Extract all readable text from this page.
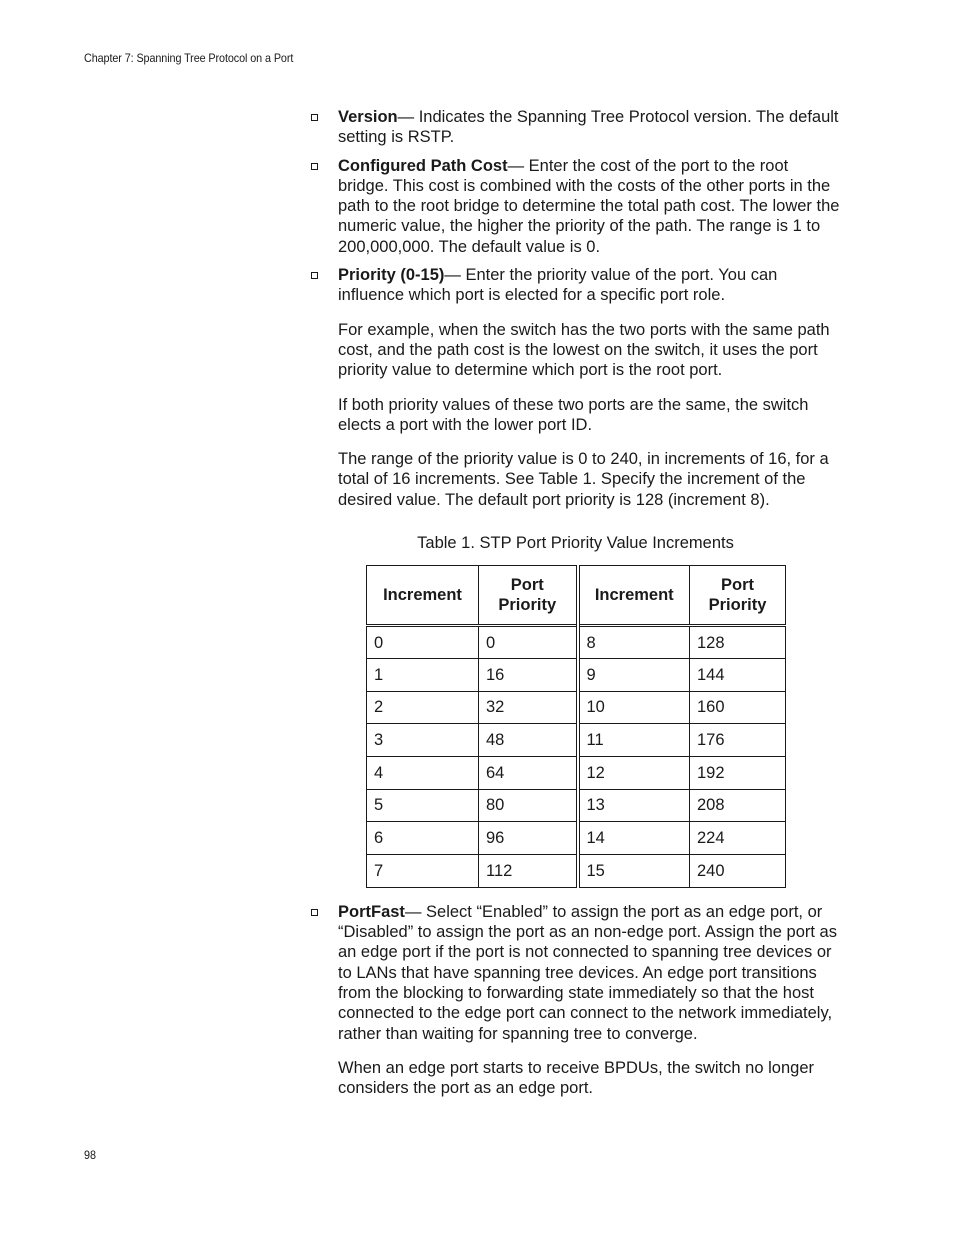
Chapter 7: Spanning Tree Protocol on a Port
Version— Indicates the Spanning Tree Protocol version. The default setting is RSTP.
Configured Path Cost— Enter the cost of the port to the root bridge. This cost is combined with the costs of the other ports in the path to the root bridge to determine the total path cost. The lower the numeric value, the higher the priority of the path. The range is 1 to 200,000,000. The default value is 0.
Priority (0-15)— Enter the priority value of the port. You can influence which port is elected for a specific port role.
For example, when the switch has the two ports with the same path cost, and the path cost is the lowest on the switch, it uses the port priority value to determine which port is the root port.
If both priority values of these two ports are the same, the switch elects a port with the lower port ID.
The range of the priority value is 0 to 240, in increments of 16, for a total of 16 increments. See Table 1. Specify the increment of the desired value. The default port priority is 128 (increment 8).
Table 1. STP Port Priority Value Increments
Increment	Port Priority	Increment	Port Priority
0	0	8	128
1	16	9	144
2	32	10	160
3	48	11	176
4	64	12	192
5	80	13	208
6	96	14	224
7	112	15	240
PortFast— Select “Enabled” to assign the port as an edge port, or “Disabled” to assign the port as an non-edge port. Assign the port as an edge port if the port is not connected to spanning tree devices or to LANs that have spanning tree devices. An edge port transitions from the blocking to forwarding state immediately so that the host connected to the edge port can connect to the network immediately, rather than waiting for spanning tree to converge.
When an edge port starts to receive BPDUs, the switch no longer considers the port as an edge port.
98
